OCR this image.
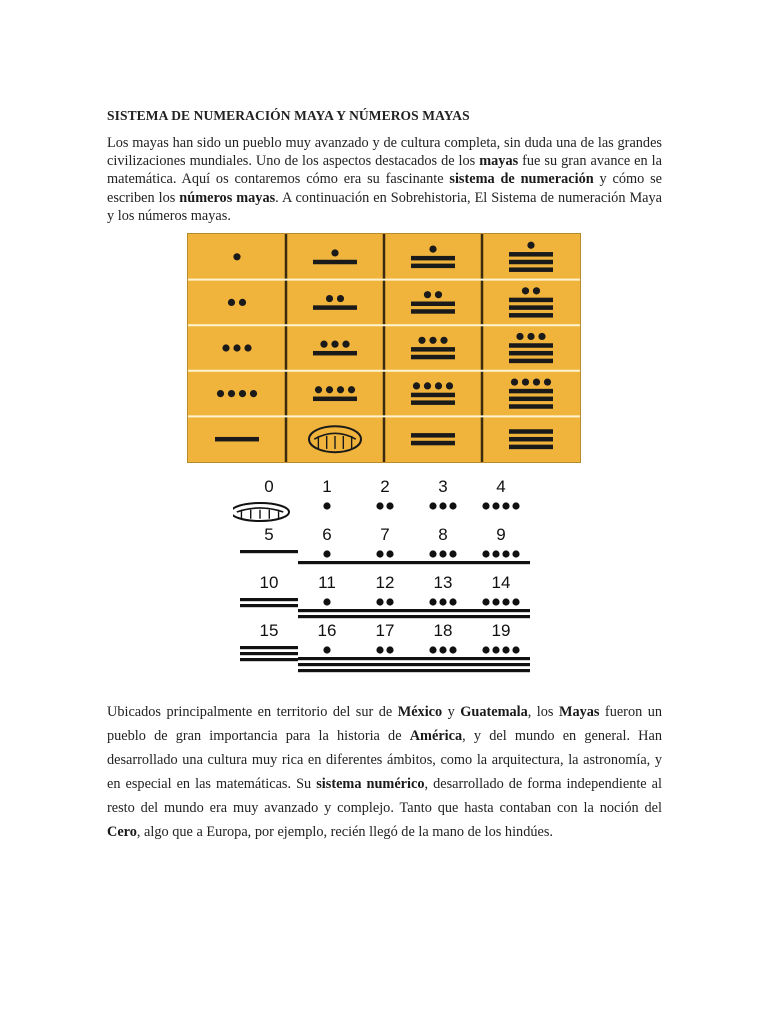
SISTEMA DE NUMERACIÓN MAYA Y NÚMEROS MAYAS
Los mayas han sido un pueblo muy avanzado y de cultura completa, sin duda una de las grandes civilizaciones mundiales. Uno de los aspectos destacados de los mayas fue su gran avance en la matemática. Aquí os contaremos cómo era su fascinante sistema de numeración y cómo se escriben los números mayas. A continuación en Sobrehistoria, El Sistema de numeración Maya y los números mayas.
0	1	2	3	4
5	6	7	8	9
10 11 12 13 14
15 16 17 18 19
Ubicados principalmente en territorio del sur de México y Guatemala, los Mayas fueron un pueblo de gran importancia para la historia de América, y del mundo en general. Han desarrollado una cultura muy rica en diferentes ámbitos, como la arquitectura, la astronomía, y en especial en las matemáticas. Su sistema numérico, desarrollado de forma independiente al resto del mundo era muy avanzado y complejo. Tanto que hasta contaban con la noción del Cero, algo que a Europa, por ejemplo, recién llegó de la mano de los hindúes.
